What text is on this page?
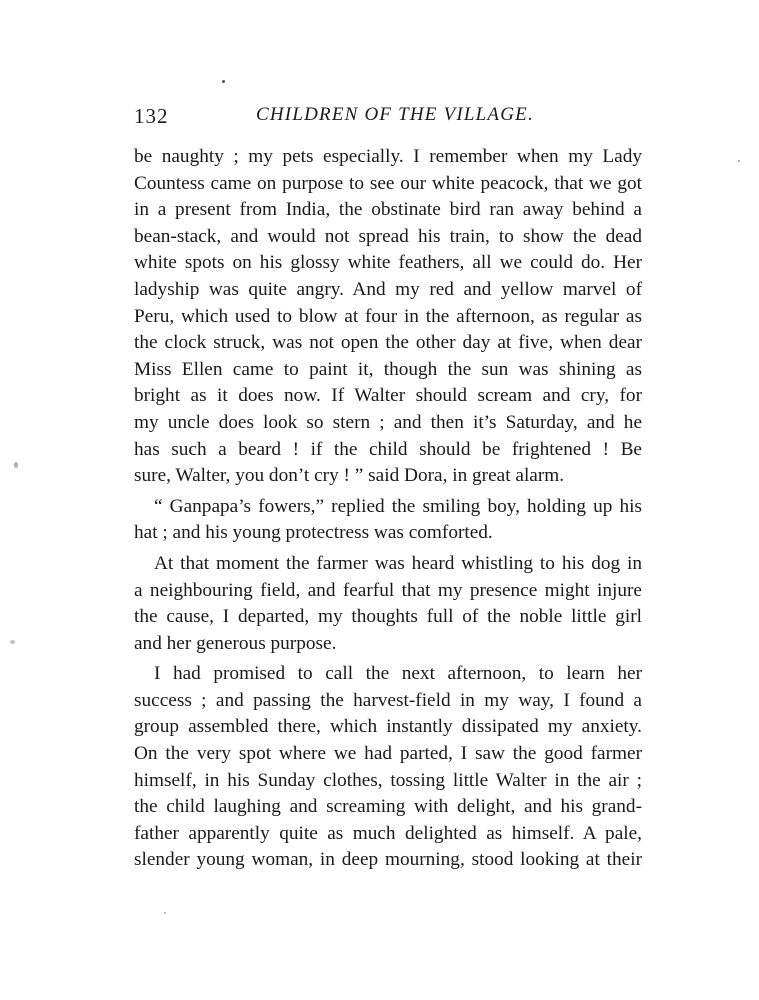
132	CHILDREN OF THE VILLAGE.
be naughty ; my pets especially. I remember when my Lady
Countess came on purpose to see our white peacock, that we got
in a present from India, the obstinate bird ran away behind a
bean-stack, and would not spread his train, to show the dead
white spots on his glossy white feathers, all we could do. Her
ladyship was quite angry. And my red and yellow marvel of
Peru, which used to blow at four in the afternoon, as regular as
the clock struck, was not open the other day at five, when dear
Miss Ellen came to paint it, though the sun was shining as
bright as it does now. If Walter should scream and cry, for
my uncle does look so stern ; and then it’s Saturday, and he
has such a beard ! if the child should be frightened ! Be
sure, Walter, you don’t cry ! ” said Dora, in great alarm.
“ Ganpapa’s fowers,” replied the smiling boy, holding up his
hat ; and his young protectress was comforted.
At that moment the farmer was heard whistling to his dog in
a neighbouring field, and fearful that my presence might injure
the cause, I departed, my thoughts full of the noble little girl
and her generous purpose.
I had promised to call the next afternoon, to learn her
success ; and passing the harvest-field in my way, I found a
group assembled there, which instantly dissipated my anxiety.
On the very spot where we had parted, I saw the good farmer
himself, in his Sunday clothes, tossing little Walter in the air ;
the child laughing and screaming with delight, and his grand-
father apparently quite as much delighted as himself. A pale,
slender young woman, in deep mourning, stood looking at their
